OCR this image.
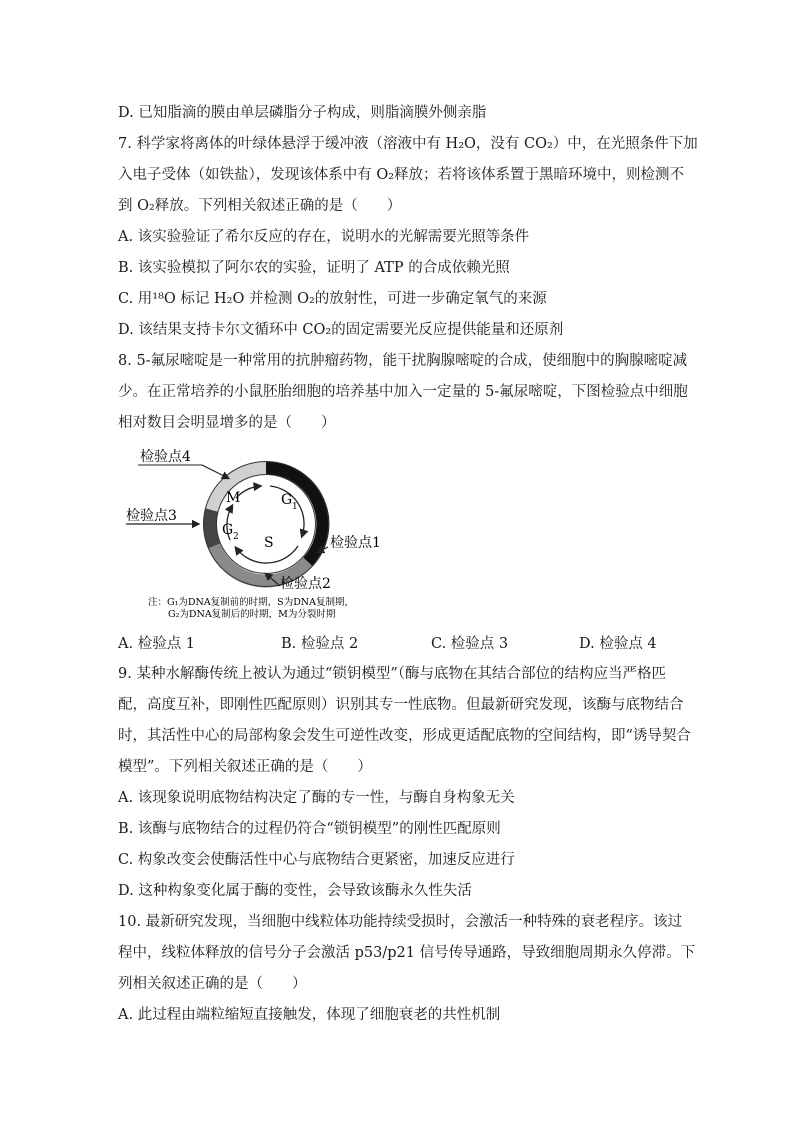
D. 已知脂滴的膜由单层磷脂分子构成，则脂滴膜外侧亲脂
7. 科学家将离体的叶绿体悬浮于缓冲液（溶液中有 H₂O，没有 CO₂）中，在光照条件下加
入电子受体（如铁盐），发现该体系中有 O₂释放；若将该体系置于黑暗环境中，则检测不
到 O₂释放。下列相关叙述正确的是（　　）
A. 该实验验证了希尔反应的存在，说明水的光解需要光照等条件
B. 该实验模拟了阿尔农的实验，证明了 ATP 的合成依赖光照
C. 用¹⁸O 标记 H₂O 并检测 O₂的放射性，可进一步确定氧气的来源
D. 该结果支持卡尔文循环中 CO₂的固定需要光反应提供能量和还原剂
8. 5-氟尿嘧啶是一种常用的抗肿瘤药物，能干扰胸腺嘧啶的合成，使细胞中的胸腺嘧啶减
少。在正常培养的小鼠胚胎细胞的培养基中加入一定量的 5-氟尿嘧啶，下图检验点中细胞
相对数目会明显增多的是（　　）
M	G 1
G 2 S
检验点4
检验点3
检验点1
检验点2
注：G₁为DNA复制前的时期，S为DNA复制期，
G₂为DNA复制后的时期，M为分裂时期
A. 检验点 1	B. 检验点 2	C. 检验点 3	D. 检验点 4
9. 某种水解酶传统上被认为通过“锁钥模型”（酶与底物在其结合部位的结构应当严格匹
配，高度互补，即刚性匹配原则）识别其专一性底物。但最新研究发现，该酶与底物结合
时，其活性中心的局部构象会发生可逆性改变，形成更适配底物的空间结构，即“诱导契合
模型”。下列相关叙述正确的是（　　）
A. 该现象说明底物结构决定了酶的专一性，与酶自身构象无关
B. 该酶与底物结合的过程仍符合“锁钥模型”的刚性匹配原则
C. 构象改变会使酶活性中心与底物结合更紧密，加速反应进行
D. 这种构象变化属于酶的变性，会导致该酶永久性失活
10. 最新研究发现，当细胞中线粒体功能持续受损时，会激活一种特殊的衰老程序。该过
程中，线粒体释放的信号分子会激活 p53/p21 信号传导通路，导致细胞周期永久停滞。下
列相关叙述正确的是（　　）
A. 此过程由端粒缩短直接触发，体现了细胞衰老的共性机制
